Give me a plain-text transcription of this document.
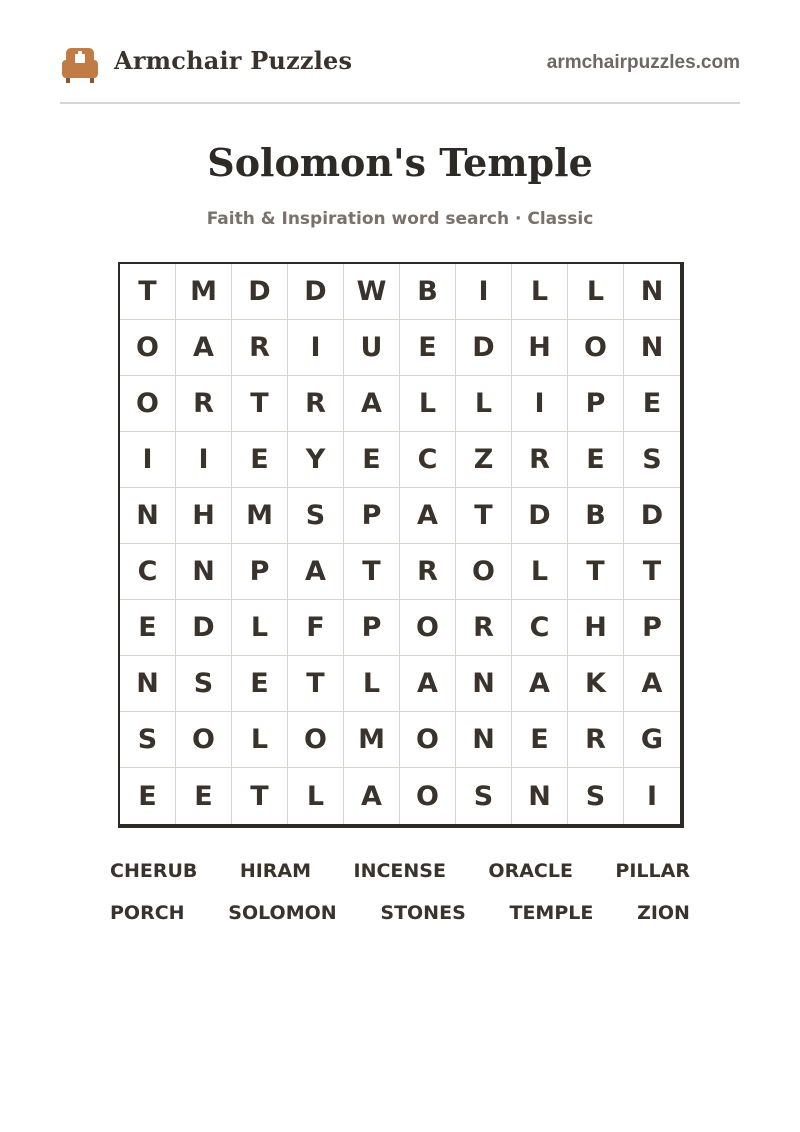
Armchair Puzzles	armchairpuzzles.com
Solomon's Temple
Faith & Inspiration word search · Classic
T	M	D	D	W	B	I	L	L	N
O	A	R	I	U	E	D	H	O	N
O	R	T	R	A	L	L	I	P	E
I	I	E	Y	E	C	Z	R	E	S
N	H	M	S	P	A	T	D	B	D
C	N	P	A	T	R	O	L	T	T
E	D	L	F	P	O	R	C	H	P
N	S	E	T	L	A	N	A	K	A
S	O	L	O	M	O	N	E	R	G
E	E	T	L	A	O	S	N	S	I
CHERUB HIRAM INCENSE ORACLE PILLAR
PORCH SOLOMON STONES TEMPLE ZION
